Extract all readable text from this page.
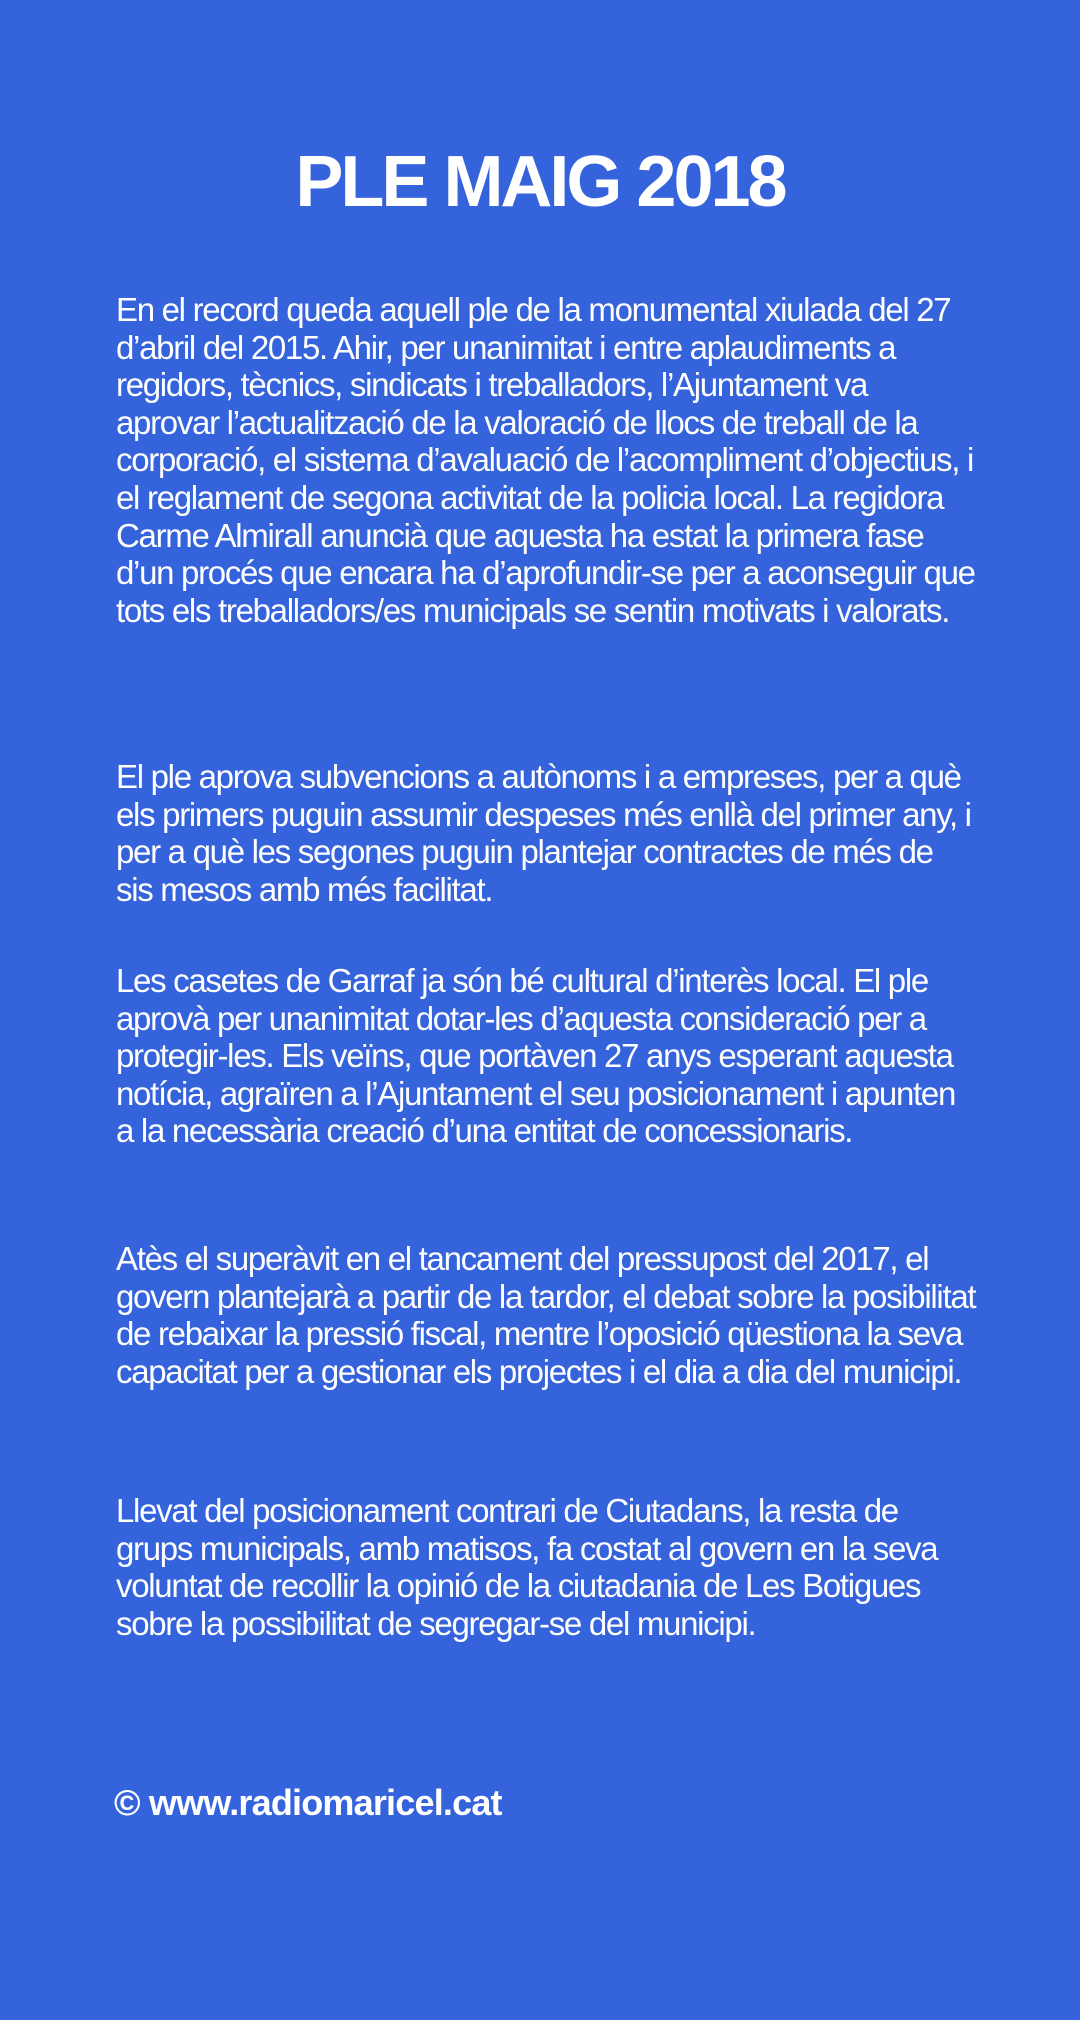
PLE MAIG 2018

En el record queda aquell ple de la monumental xiulada del 27 d’abril del 2015. Ahir, per unanimitat i entre aplaudiments a regidors, tècnics, sindicats i treballadors, l’Ajuntament va aprovar l’actualització de la valoració de llocs de treball de la corporació, el sistema d’avaluació de l’acompliment d’objectius, i el reglament de segona activitat de la policia local. La regidora Carme Almirall anuncià que aquesta ha estat la primera fase d’un procés que encara ha d’aprofundir-se per a aconseguir que tots els treballadors/es municipals se sentin motivats i valorats.

El ple aprova subvencions a autònoms i a empreses, per a què els primers puguin assumir despeses més enllà del primer any, i per a què les segones puguin plantejar contractes de més de sis mesos amb més facilitat.

Les casetes de Garraf ja són bé cultural d’interès local. El ple aprovà per unanimitat dotar-les d’aquesta consideració per a protegir-les. Els veïns, que portàven 27 anys esperant aquesta notícia, agraïren a l’Ajuntament el seu posicionament i apunten a la necessària creació d’una entitat de concessionaris.

Atès el superàvit en el tancament del pressupost del 2017, el govern plantejarà a partir de la tardor, el debat sobre la posibilitat de rebaixar la pressió fiscal, mentre l’oposició qüestiona la seva capacitat per a gestionar els projectes i el dia a dia del municipi.

Llevat del posicionament contrari de Ciutadans, la resta de grups municipals, amb matisos, fa costat al govern en la seva voluntat de recollir la opinió de la ciutadania de Les Botigues sobre la possibilitat de segregar-se del municipi.

© www.radiomaricel.cat
